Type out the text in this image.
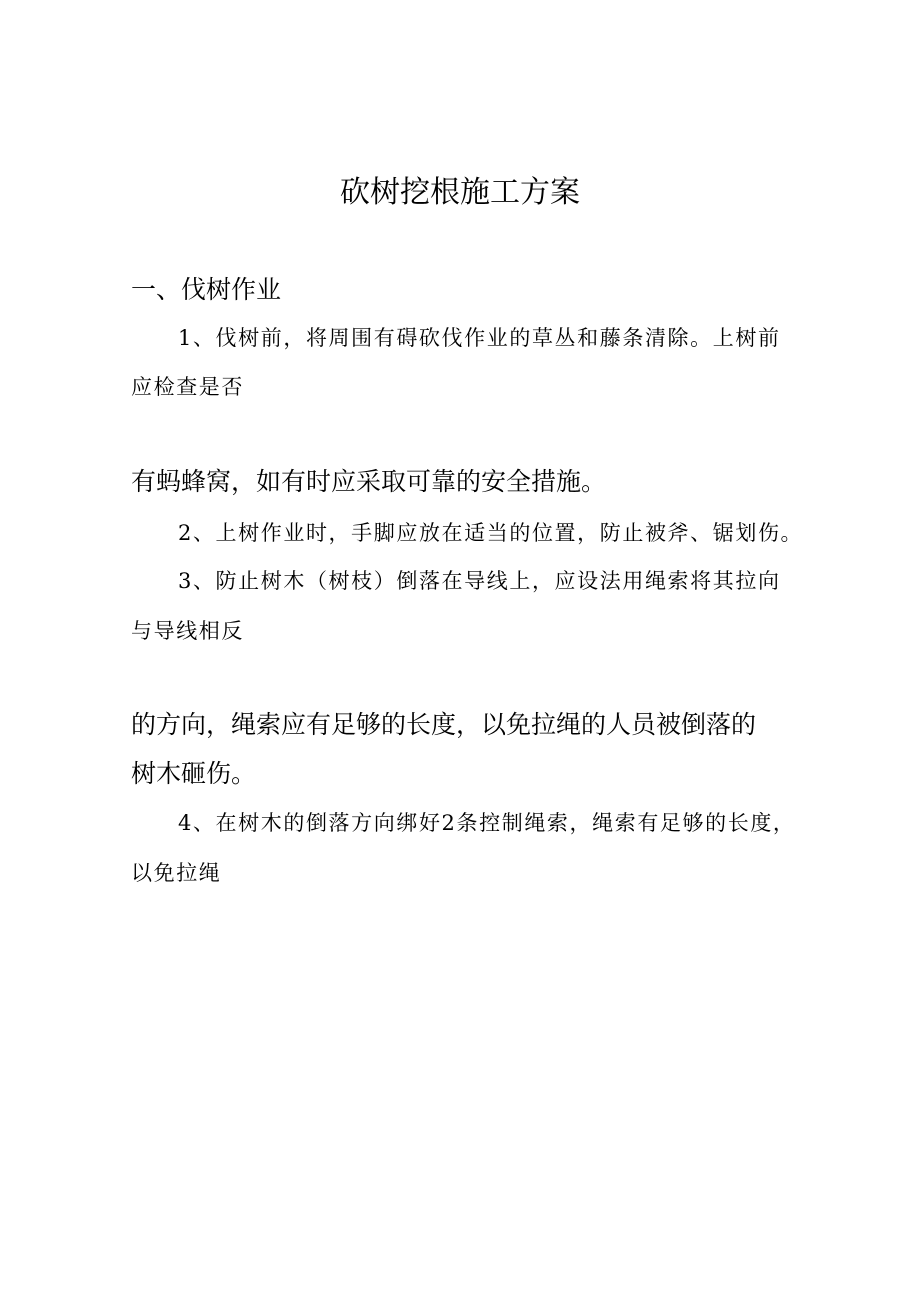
砍树挖根施工方案
一、伐树作业
1、伐树前，将周围有碍砍伐作业的草丛和藤条清除。上树前
应检查是否
有蚂蜂窝，如有时应采取可靠的安全措施。
2、上树作业时，手脚应放在适当的位置，防止被斧、锯划伤。
3、防止树木（树枝）倒落在导线上，应设法用绳索将其拉向
与导线相反
的方向，绳索应有足够的长度，以免拉绳的人员被倒落的
树木砸伤。
4、在树木的倒落方向绑好2条控制绳索，绳索有足够的长度，
以免拉绳
